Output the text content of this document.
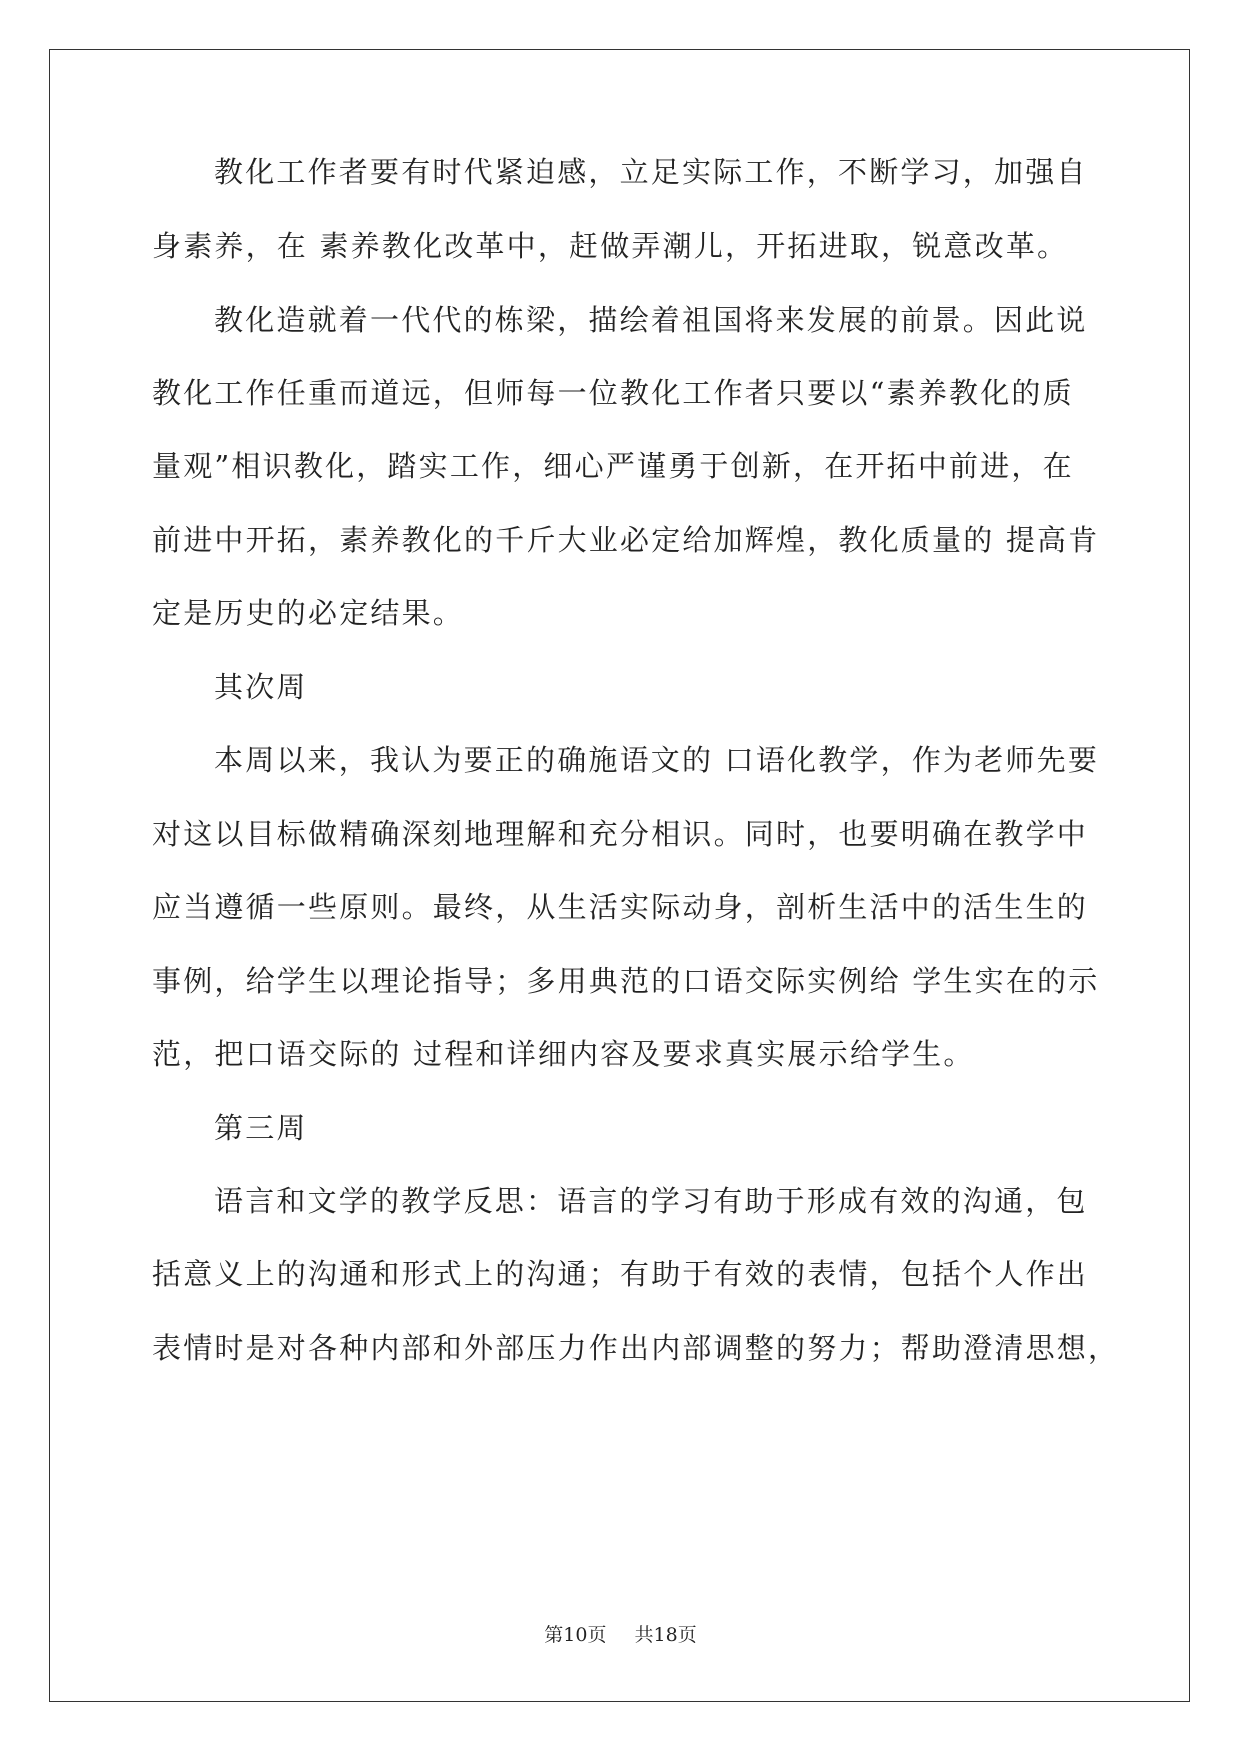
教化工作者要有时代紧迫感，立足实际工作，不断学习，加强自
身素养，在 素养教化改革中，赶做弄潮儿，开拓进取，锐意改革。
教化造就着一代代的栋梁，描绘着祖国将来发展的前景。因此说
教化工作任重而道远，但师每一位教化工作者只要以“素养教化的质
量观”相识教化，踏实工作，细心严谨勇于创新，在开拓中前进，在
前进中开拓，素养教化的千斤大业必定给加辉煌，教化质量的 提高肯
定是历史的必定结果。
其次周
本周以来，我认为要正的确施语文的 口语化教学，作为老师先要
对这以目标做精确深刻地理解和充分相识。同时，也要明确在教学中
应当遵循一些原则。最终，从生活实际动身，剖析生活中的活生生的
事例，给学生以理论指导；多用典范的口语交际实例给 学生实在的示
范，把口语交际的 过程和详细内容及要求真实展示给学生。
第三周
语言和文学的教学反思：语言的学习有助于形成有效的沟通，包
括意义上的沟通和形式上的沟通；有助于有效的表情，包括个人作出
表情时是对各种内部和外部压力作出内部调整的努力；帮助澄清思想，
第10页 共18页
